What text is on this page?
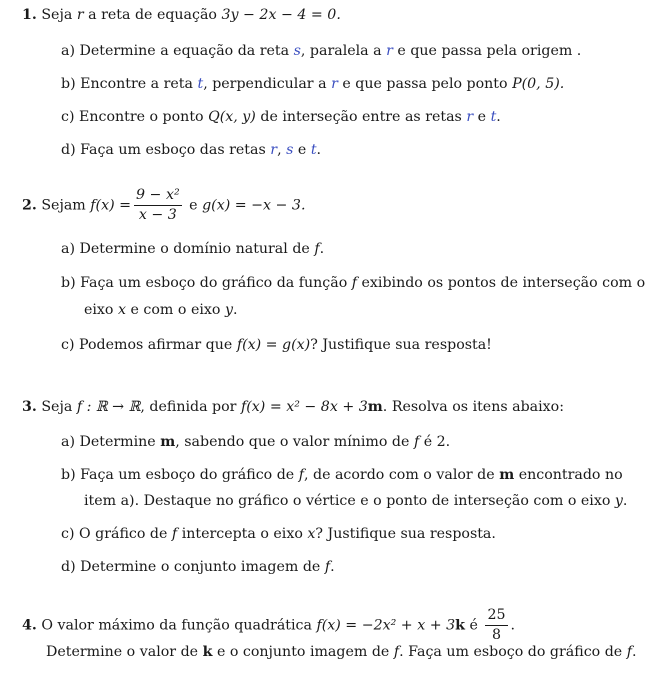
1. Seja r a reta de equação 3y − 2x − 4 = 0.
a) Determine a equação da reta s, paralela a r e que passa pela origem .
b) Encontre a reta t, perpendicular a r e que passa pelo ponto P(0, 5).
c) Encontre o ponto Q(x, y) de interseção entre as retas r e t.
d) Faça um esboço das retas r, s e t.
2. Sejam $f(x) = \frac{\text{9 − x²}}{x - 3}$ e g(x) = −x − 3.
a) Determine o domínio natural de f.
b) Faça um esboço do gráfico da função f exibindo os pontos de interseção com o
eixo x e com o eixo y.
c) Podemos afirmar que f(x) = g(x)? Justifique sua resposta!
3. Seja f : ℝ → ℝ, definida por f(x) = x² − 8x + 3m. Resolva os itens abaixo:
a) Determine m, sabendo que o valor mínimo de f é 2.
b) Faça um esboço do gráfico de f, de acordo com o valor de m encontrado no
item a). Destaque no gráfico o vértice e o ponto de interseção com o eixo y.
c) O gráfico de f intercepta o eixo x? Justifique sua resposta.
d) Determine o conjunto imagem de f.
4. O valor máximo da função quadrática f(x) = −2x² + x + 3k é $\frac{25}{8}$ .
Determine o valor de k e o conjunto imagem de f. Faça um esboço do gráfico de f.
